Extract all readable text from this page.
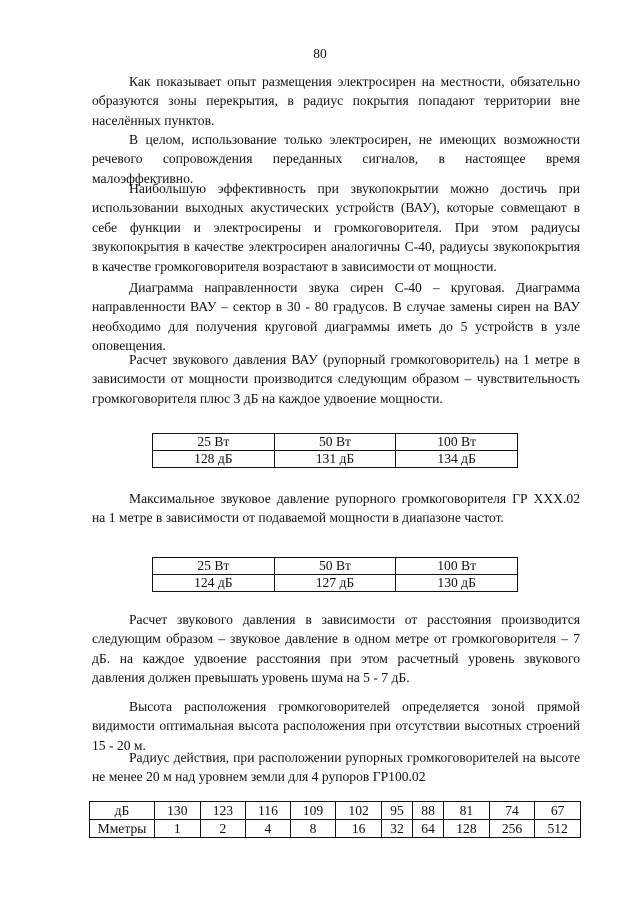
80

Как показывает опыт размещения электросирен на местности, обязательно образуются зоны перекрытия, в радиус покрытия попадают территории вне населённых пунктов.

В целом, использование только электросирен, не имеющих возможности речевого сопровождения переданных сигналов, в настоящее время малоэффективно.

Наибольшую эффективность при звукопокрытии можно достичь при использовании выходных акустических устройств (ВАУ), которые совмещают в себе функции и электросирены и громкоговорителя. При этом радиусы звукопокрытия в качестве электросирен аналогичны С-40, радиусы звукопокрытия в качестве громкоговорителя возрастают в зависимости от мощности.

Диаграмма направленности звука сирен С-40 – круговая. Диаграмма направленности ВАУ – сектор в 30 - 80 градусов. В случае замены сирен на ВАУ необходимо для получения круговой диаграммы иметь до 5 устройств в узле оповещения.

Расчет звукового давления ВАУ (рупорный громкоговоритель) на 1 метре в зависимости от мощности производится следующим образом – чувствительность громкоговорителя плюс 3 дБ на каждое удвоение мощности.

25 Вт	50 Вт	100 Вт
128 дБ	131 дБ	134 дБ

Максимальное звуковое давление рупорного громкоговорителя ГР ХХХ.02 на 1 метре в зависимости от подаваемой мощности в диапазоне частот.

25 Вт	50 Вт	100 Вт
124 дБ	127 дБ	130 дБ

Расчет звукового давления в зависимости от расстояния производится следующим образом – звуковое давление в одном метре от громкоговорителя – 7 дБ. на каждое удвоение расстояния при этом расчетный уровень звукового давления должен превышать уровень шума на 5 - 7 дБ.

Высота расположения громкоговорителей определяется зоной прямой видимости оптимальная высота расположения при отсутствии высотных строений 15 - 20 м.

Радиус действия, при расположении рупорных громкоговорителей на высоте не менее 20 м над уровнем земли для 4 рупоров ГР100.02

дБ	130	123	116	109	102	95	88	81	74	67
Мметры	1	2	4	8	16	32	64	128	256	512
